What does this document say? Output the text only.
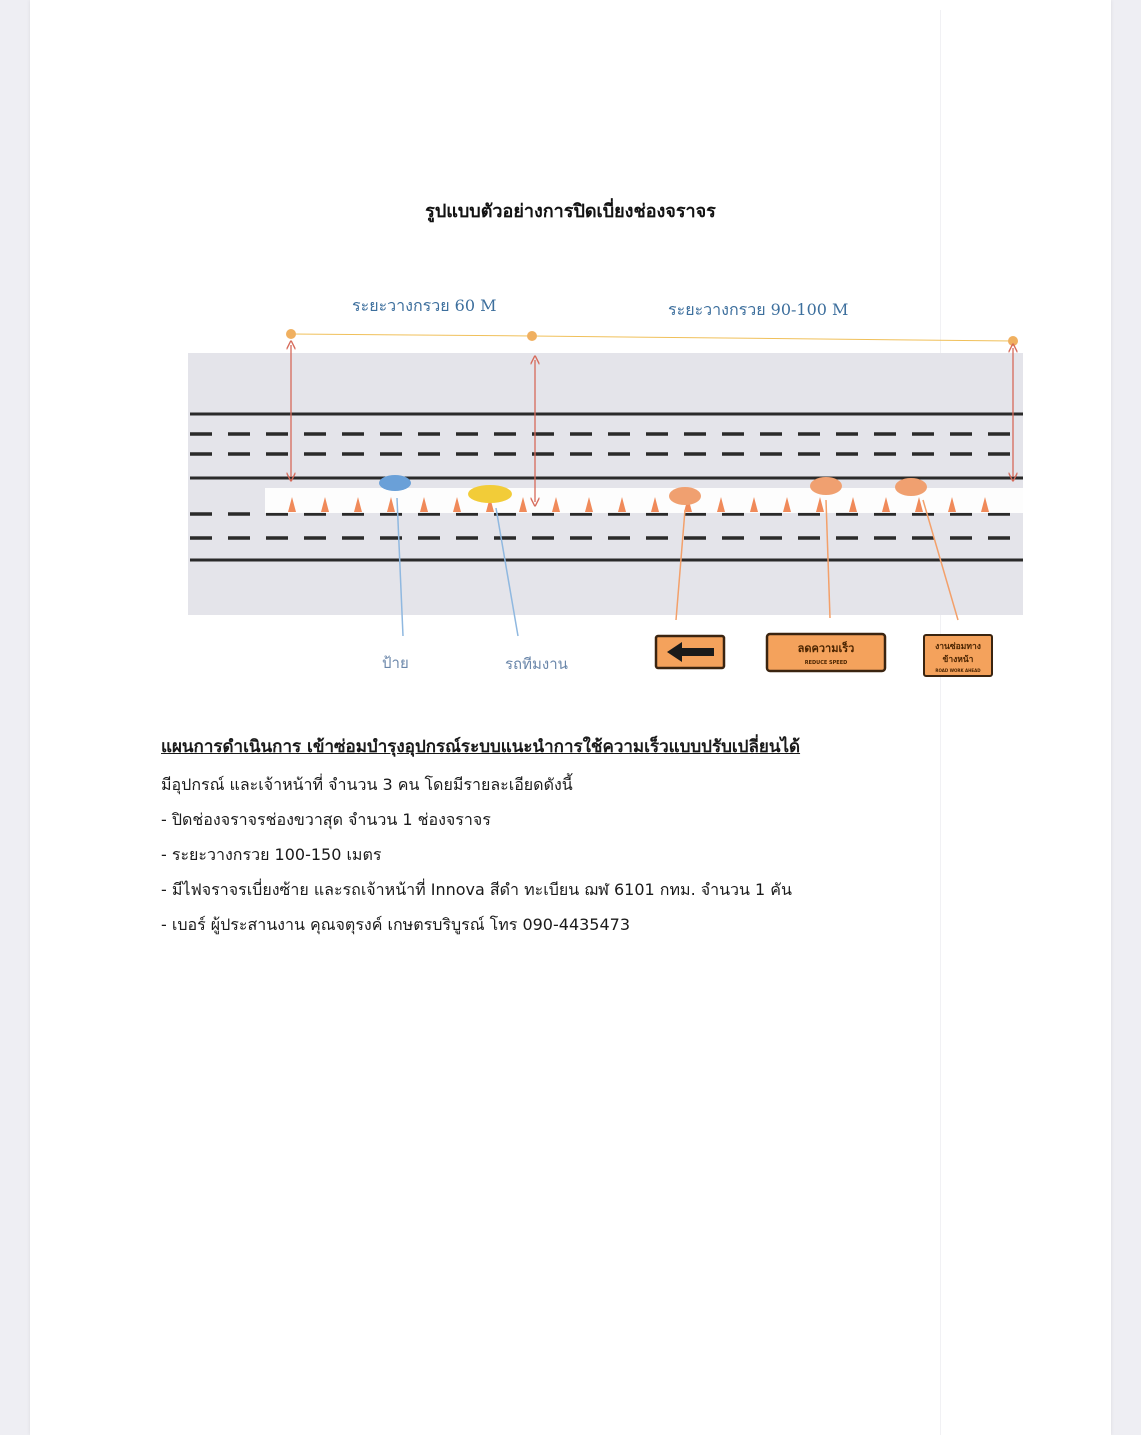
รูปแบบตัวอย่างการปิดเบี่ยงช่องจราจร
ระยะวางกรวย 60 M	ระยะวางกรวย 90-100 M
ป้าย	รถทีมงาน
ลดความเร็ว
REDUCE SPEED
งานซ่อมทาง
ข้างหน้า
ROAD WORK AHEAD
แผนการดำเนินการ เข้าซ่อมบำรุงอุปกรณ์ระบบแนะนำการใช้ความเร็วแบบปรับเปลี่ยนได้

มีอุปกรณ์ และเจ้าหน้าที่ จำนวน 3 คน โดยมีรายละเอียดดังนี้

- ปิดช่องจราจรช่องขวาสุด จำนวน 1 ช่องจราจร
- ระยะวางกรวย 100-150 เมตร
- มีไฟจราจรเบี่ยงซ้าย และรถเจ้าหน้าที่ Innova สีดำ ทะเบียน ฌฬ 6101 กทม. จำนวน 1 คัน
- เบอร์ ผู้ประสานงาน คุณจตุรงค์ เกษตรบริบูรณ์ โทร 090-4435473
